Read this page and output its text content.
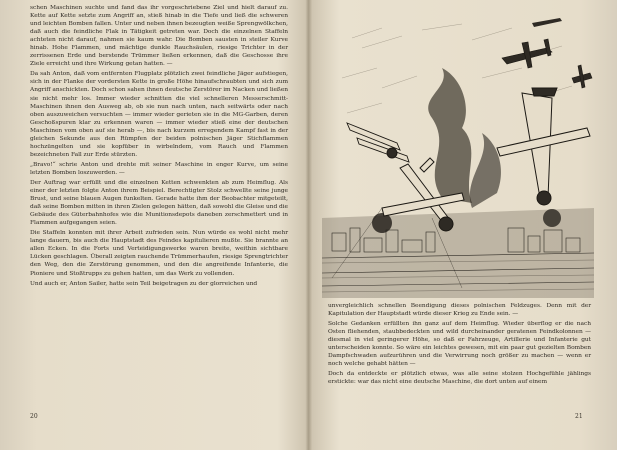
schen Maschinen suchte und fand das ihr vorgeschriebene Ziel und hielt darauf zu. Kette auf Kette setzte zum Angriff an, stieß hinab in die Tiefe und ließ die schweren und leichten Bomben fallen. Unter und neben ihnen bezeugten weiße Sprengwölkchen, daß auch die feindliche Flak in Tätigkeit getreten war. Doch die einzelnen Staffeln achteten nicht darauf, nahmen sie kaum wahr. Die Bomben sausten in steiler Kurve hinab. Hohe Flammen, und mächtige dunkle Rauchsäulen, riesige Trichter in der zerrissenen Erde und berstende Trümmer ließen erkennen, daß die Geschosse ihre Ziele erreicht und ihre Wirkung getan hatten. —

Da sah Anton, daß vom entfernten Flugplatz plötzlich zwei feindliche Jäger aufstiegen, sich in der Flanke der vordersten Kette in große Höhe hinaufschraubten und sich zum Angriff anschickten. Doch schon sahen ihnen deutsche Zerstörer im Nacken und ließen sie nicht mehr los. Immer wieder schnitten die viel schnelleren Messerschmitt-Maschinen ihnen den Ausweg ab, ob sie nun nach unten, nach seitwärts oder nach oben auszuweichen versuchten — immer wieder gerieten sie in die MG-Garben, deren Geschoßspuren klar zu erkennen waren — immer wieder stieß eine der deutschen Maschinen vom oben auf sie herab —, bis nach kurzem erregendem Kampf fast in der gleichen Sekunde aus den Rümpfen der beiden polnischen Jäger Stichflammen hochzüngelten und sie kopfüber in wirbelndem, vom Rauch und Flammen bezeichneten Fall zur Erde stürzten.

„Bravo!“ schrie Anton und drehte mit seiner Maschine in enger Kurve, um seine letzten Bomben loszuwerden. —

Der Auftrag war erfüllt und die einzelnen Ketten schwenkten ab zum Heimflug. Als einer der letzten folgte Anton ihrem Beispiel. Berechtigter Stolz schwellte seine junge Brust, und seine blauen Augen funkelten. Gerade hatte ihm der Beobachter mitgeteilt, daß seine Bomben mitten in ihren Zielen gelegen hätten, daß sowohl die Gleise und die Gebäude des Güterbahnhofes wie die Munitionsdepots daneben zerschmettert und in Flammen aufgegangen seien.

Die Staffeln konnten mit ihrer Arbeit zufrieden sein. Nun würde es wohl nicht mehr lange dauern, bis auch die Hauptstadt des Feindes kapitulieren mußte. Sie brannte an allen Ecken. In die Forts und Verteidigungswerke waren breite, weithin sichtbare Lücken geschlagen. Überall zeigten rauchende Trümmerhaufen, riesige Sprengtrichter den Weg, den die Zerstörung genommen, und den die angreifende Infanterie, die Pioniere und Stoßtrupps zu gehen hatten, um das Werk zu vollenden.

Und auch er, Anton Sailer, hatte sein Teil beigetragen zu der glorreichen und

20

unvergleichlich schnellen Beendigung dieses polnischen Feldzuges. Denn mit der Kapitulation der Hauptstadt würde dieser Krieg zu Ende sein. —

Solche Gedanken erfüllten ihn ganz auf dem Heimflug. Wieder überflog er die nach Osten fliehenden, staubbedeckten und wild durcheinander geratenen Feindkolonnen — diesmal in viel geringerer Höhe, so daß er Fahrzeuge, Artillerie und Infanterie gut unterscheiden konnte. So wäre ein leichtes gewesen, mit ein paar gut gezielten Bomben Dampfschwaden aufzurühren und die Verwirrung noch größer zu machen — wenn er noch welche gehabt hätten —

Doch da entdeckte er plötzlich etwas, was alle seine stolzen Hochgefühle jählings erstickte: war das nicht eine deutsche Maschine, die dort unten auf einem

21
